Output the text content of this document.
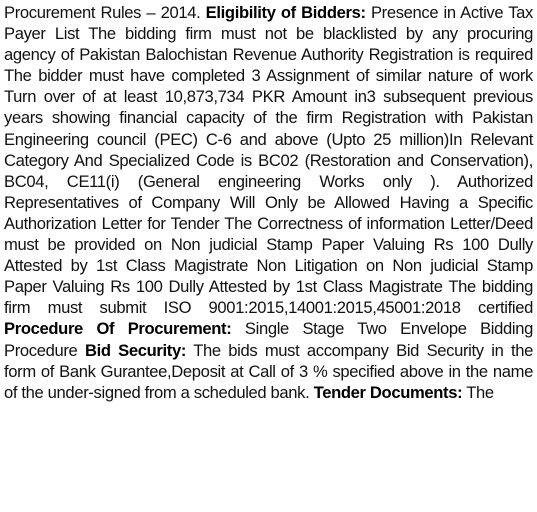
Procurement Rules – 2014. Eligibility of Bidders: Presence in Active Tax Payer List The bidding firm must not be blacklisted by any procuring agency of Pakistan Balochistan Revenue Authority Registration is required The bidder must have completed 3 Assignment of similar nature of work Turn over of at least 10,873,734 PKR Amount in3 subsequent previous years showing financial capacity of the firm Registration with Pakistan Engineering council (PEC) C-6 and above (Upto 25 million)In Relevant Category And Specialized Code is BC02 (Restoration and Conservation), BC04, CE11(i) (General engineering Works only ). Authorized Representatives of Company Will Only be Allowed Having a Specific Authorization Letter for Tender The Correctness of information Letter/Deed must be provided on Non judicial Stamp Paper Valuing Rs 100 Dully Attested by 1st Class Magistrate Non Litigation on Non judicial Stamp Paper Valuing Rs 100 Dully Attested by 1st Class Magistrate The bidding firm must submit ISO 9001:2015,14001:2015,45001:2018 certified Procedure Of Procurement: Single Stage Two Envelope Bidding Procedure Bid Security: The bids must accompany Bid Security in the form of Bank Gurantee,Deposit at Call of 3 % specified above in the name of the under-signed from a scheduled bank. Tender Documents: The
